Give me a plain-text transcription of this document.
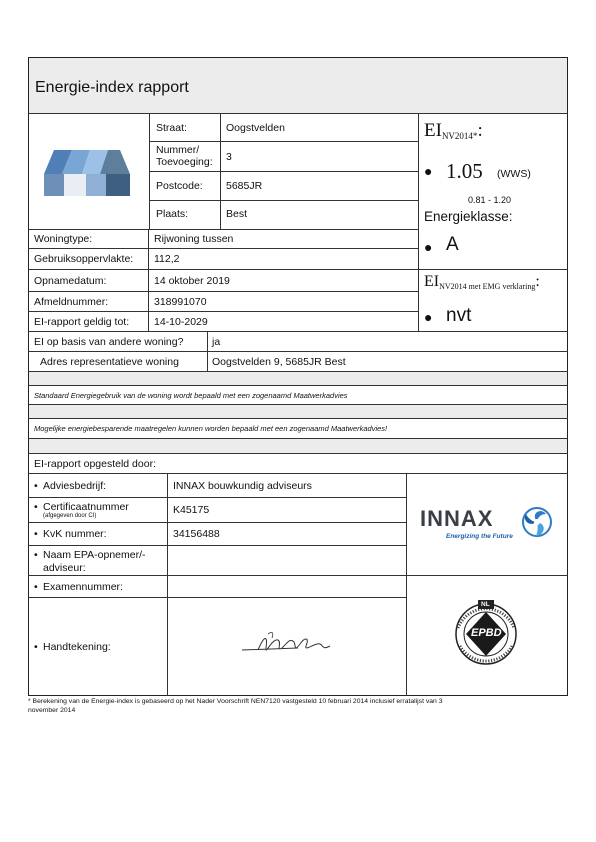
Energie-index rapport
Straat:	Oogstvelden
Nummer/
Toevoeging: 3
Postcode: 5685JR
Plaats:	Best
Woningtype:	Rijwoning tussen
Gebruiksoppervlakte: 112,2
Opnamedatum:	14 oktober 2019
Afmeldnummer:	318991070
EI-rapport geldig tot: 14-10-2029
EINV2014*:
● 1.05 (WWS)
0.81 - 1.20
Energieklasse:
● A
EINV2014 met EMG verklaring:
● nvt
EI op basis van andere woning?	ja
Adres representatieve woning	Oogstvelden 9, 5685JR Best
Standaard Energiegebruik van de woning wordt bepaald met een zogenaamd Maatwerkadvies
Mogelijke energiebesparende maatregelen kunnen worden bepaald met een zogenaamd Maatwerkadvies!
EI-rapport opgesteld door:
• Adviesbedrijf:	INNAX bouwkundig adviseurs
• Certificaatnummer
(afgegeven door CI)	K45175
• KvK nummer:	34156488
• Naam EPA-opnemer/-
adviseur:
• Examennummer:
• Handtekening:
INNAX
Energizing the Future
NL
EPBD
ENERGY PERFORMANCE OF BUILDINGS DIRECTIVE
* Berekening van de Energie-index is gebaseerd op het Nader Voorschrift NEN7120 vastgesteld 10 februari 2014 inclusief erratalijst van 3
november 2014
